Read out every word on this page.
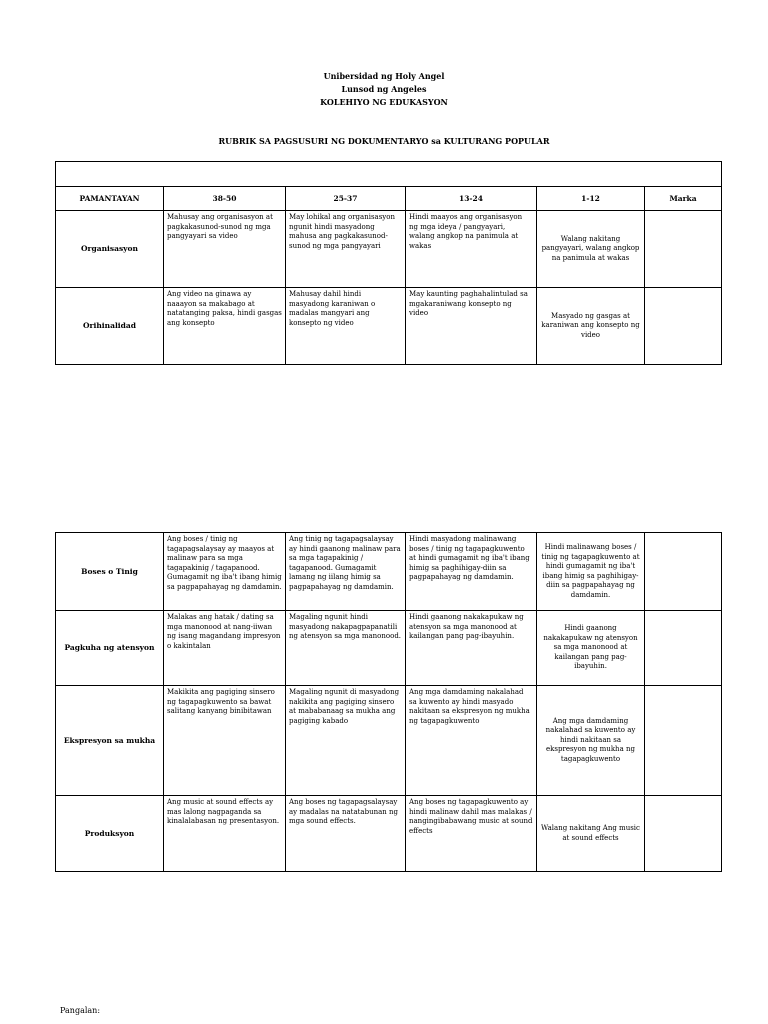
Unibersidad ng Holy Angel
Lunsod ng Angeles
KOLEHIYO NG EDUKASYON
RUBRIK SA PAGSUSURI NG DOKUMENTARYO sa KULTURANG POPULAR

PAMANTAYAN	38-50	25-37	13-24	1-12	Marka
Organisasyon	Mahusay ang organisasyon at pagkakasunod-sunod ng mga pangyayari sa video	May lohikal ang organisasyon ngunit hindi masyadong mahusa ang pagkakasunod-sunod ng mga pangyayari	Hindi maayos ang organisasyon ng mga ideya / pangyayari, walang angkop na panimula at wakas	Walang nakitang pangyayari, walang angkop na panimula at wakas	
Orihinalidad	Ang video na ginawa ay naaayon sa makabago at natatanging paksa, hindi gasgas ang konsepto	Mahusay dahil hindi masyadong karaniwan o madalas mangyari ang konsepto ng video	May kaunting paghahalintulad sa mgakaraniwang konsepto ng video	Masyado ng gasgas at karaniwan ang konsepto ng video	
Boses o Tinig	Ang boses / tinig ng tagapagsalaysay ay maayos at malinaw para sa mga tagapakinig / tagapanood. Gumagamit ng iba't ibang himig sa pagpapahayag ng damdamin.	Ang tinig ng tagapagsalaysay ay hindi gaanong malinaw para sa mga tagapakinig / tagapanood. Gumagamit lamang ng iilang himig sa pagpapahayag ng damdamin.	Hindi masyadong malinawang boses / tinig ng tagapagkuwento at hindi gumagamit ng iba't ibang himig sa paghihigay-diin sa pagpapahayag ng damdamin.	Hindi malinawang boses / tinig ng tagapagkuwento at hindi gumagamit ng iba't ibang himig sa paghihigay-diin sa pagpapahayag ng damdamin.	
Pagkuha ng atensyon	Malakas ang hatak / dating sa mga manonood at nang-iiwan ng isang magandang impresyon o kakintalan	Magaling ngunit hindi masyadong nakapagpapanatili ng atensyon sa mga manonood.	Hindi gaanong nakakapukaw ng atensyon sa mga manonood at kailangan pang pag-ibayuhin.	Hindi gaanong nakakapukaw ng atensyon sa mga manonood at kailangan pang pag-ibayuhin.	
Ekspresyon sa mukha	Makikita ang pagiging sinsero ng tagapagkuwento sa bawat salitang kanyang binibitawan	Magaling ngunit di masyadong nakikita ang pagiging sinsero at mababanaag sa mukha ang pagiging kabado	Ang mga damdaming nakalahad sa kuwento ay hindi masyado nakitaan sa ekspresyon ng mukha ng tagapagkuwento	Ang mga damdaming nakalahad sa kuwento ay hindi nakitaan sa ekspresyon ng mukha ng tagapagkuwento	
Produksyon	Ang music at sound effects ay mas lalong nagpaganda sa kinalalabasan ng presentasyon.	Ang boses ng tagapagsalaysay ay madalas na natatabunan ng mga sound effects.	Ang boses ng tagapagkuwento ay hindi malinaw dahil mas malakas / nangingibabawang music at sound effects	Walang nakitang Ang music at sound effects	
Pangalan:
